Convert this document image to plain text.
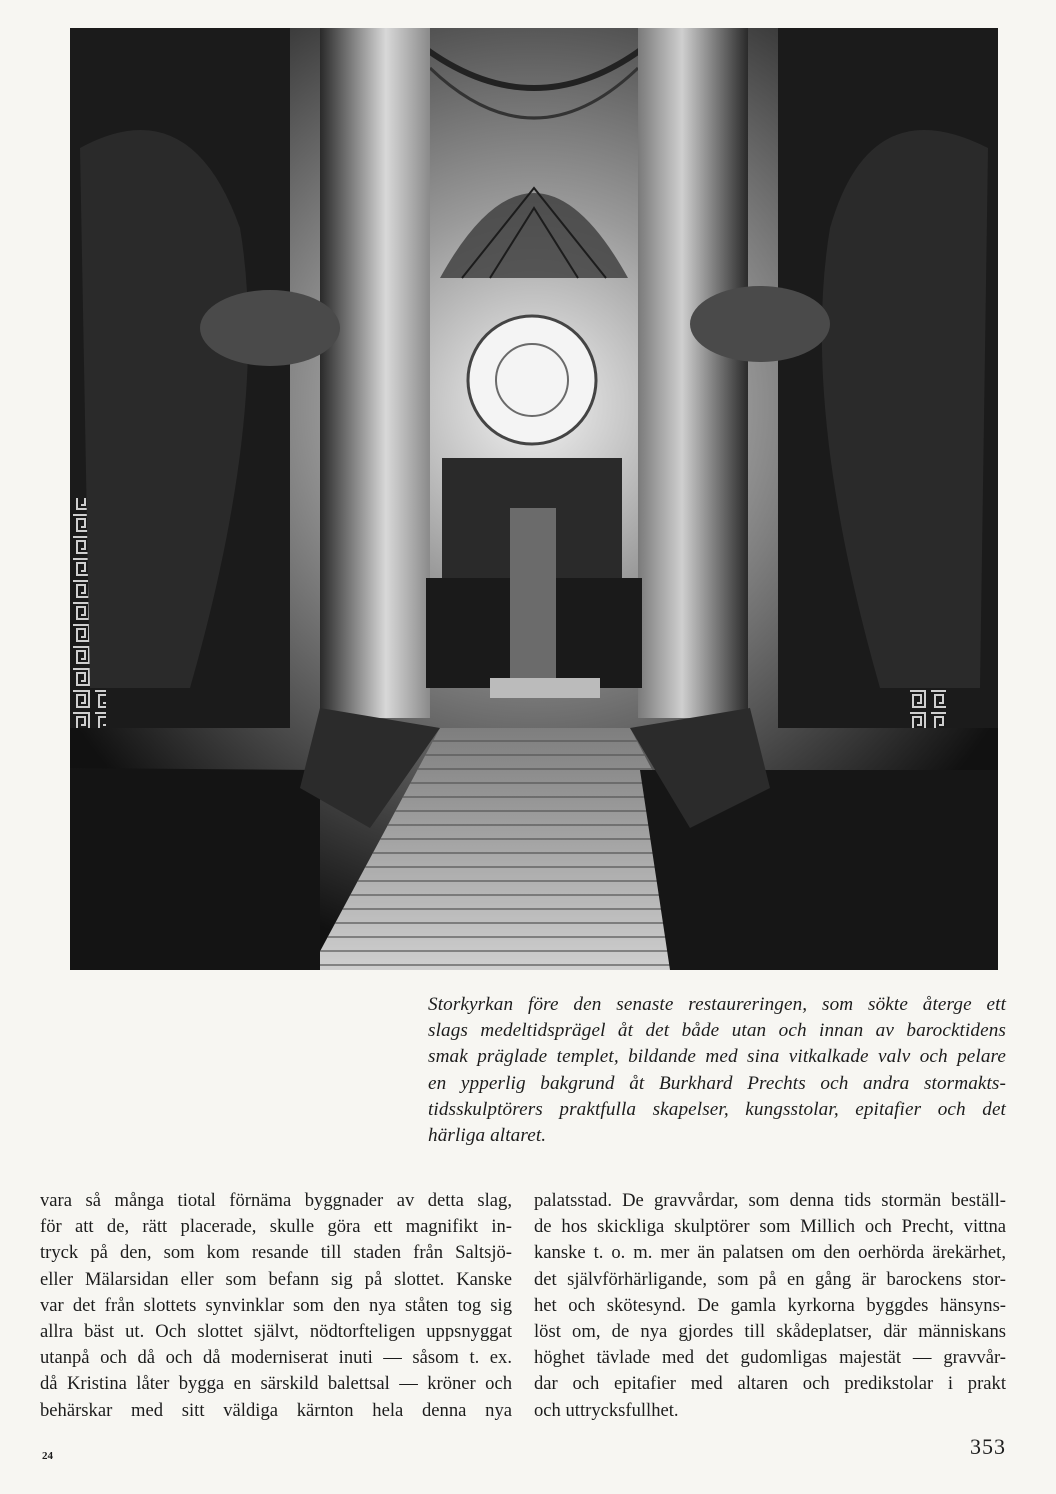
Storkyrkan före den senaste restaureringen, som sökte återge ett
slags medeltidsprägel åt det både utan och innan av barocktidens
smak präglade templet, bildande med sina vitkalkade valv och pelare
en ypperlig bakgrund åt Burkhard Prechts och andra stormakts-
tidsskulptörers praktfulla skapelser, kungsstolar, epitafier och det
härliga altaret.
vara så många tiotal förnäma byggnader av detta slag,
för att de, rätt placerade, skulle göra ett magnifikt in-
tryck på den, som kom resande till staden från Saltsjö-
eller Mälarsidan eller som befann sig på slottet. Kanske
var det från slottets synvinklar som den nya ståten tog sig
allra bäst ut. Och slottet självt, nödtorfteligen uppsnyggat
utanpå och då och då moderniserat inuti — såsom t. ex.
då Kristina låter bygga en särskild balettsal — kröner och
behärskar med sitt väldiga kärnton hela denna nya
palatsstad. De gravvårdar, som denna tids stormän beställ-
de hos skickliga skulptörer som Millich och Precht, vittna
kanske t. o. m. mer än palatsen om den oerhörda ärekärhet,
det självförhärligande, som på en gång är barockens stor-
het och skötesynd. De gamla kyrkorna byggdes hänsyns-
löst om, de nya gjordes till skådeplatser, där människans
höghet tävlade med det gudomligas majestät — gravvår-
dar och epitafier med altaren och predikstolar i prakt
och uttrycksfullhet.
24	353
